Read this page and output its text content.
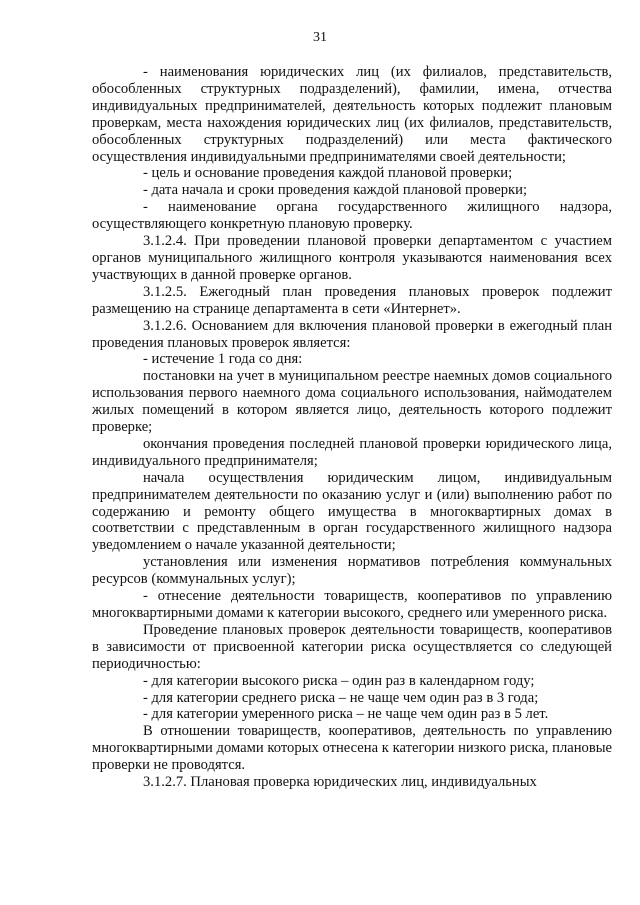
31

- наименования юридических лиц (их филиалов, представительств, обособленных структурных подразделений), фамилии, имена, отчества индивидуальных предпринимателей, деятельность которых подлежит плановым проверкам, места нахождения юридических лиц (их филиалов, представительств, обособленных структурных подразделений) или места фактического осуществления индивидуальными предпринимателями своей деятельности;

- цель и основание проведения каждой плановой проверки;

- дата начала и сроки проведения каждой плановой проверки;

- наименование органа государственного жилищного надзора, осуществляющего конкретную плановую проверку.

3.1.2.4. При проведении плановой проверки департаментом с участием органов муниципального жилищного контроля указываются наименования всех участвующих в данной проверке органов.

3.1.2.5. Ежегодный план проведения плановых проверок подлежит размещению на странице департамента в сети «Интернет».

3.1.2.6. Основанием для включения плановой проверки в ежегодный план проведения плановых проверок является:

- истечение 1 года со дня:

постановки на учет в муниципальном реестре наемных домов социального использования первого наемного дома социального использования, наймодателем жилых помещений в котором является лицо, деятельность которого подлежит проверке;

окончания проведения последней плановой проверки юридического лица, индивидуального предпринимателя;

начала осуществления юридическим лицом, индивидуальным предпринимателем деятельности по оказанию услуг и (или) выполнению работ по содержанию и ремонту общего имущества в многоквартирных домах в соответствии с представленным в орган государственного жилищного надзора уведомлением о начале указанной деятельности;

установления или изменения нормативов потребления коммунальных ресурсов (коммунальных услуг);

- отнесение деятельности товариществ, кооперативов по управлению многоквартирными домами к категории высокого, среднего или умеренного риска.

Проведение плановых проверок деятельности товариществ, кооперативов в зависимости от присвоенной категории риска осуществляется со следующей периодичностью:

- для категории высокого риска – один раз в календарном году;

- для категории среднего риска – не чаще чем один раз в 3 года;

- для категории умеренного риска – не чаще чем один раз в 5 лет.

В отношении товариществ, кооперативов, деятельность по управлению многоквартирными домами которых отнесена к категории низкого риска, плановые проверки не проводятся.

3.1.2.7. Плановая проверка юридических лиц, индивидуальных
